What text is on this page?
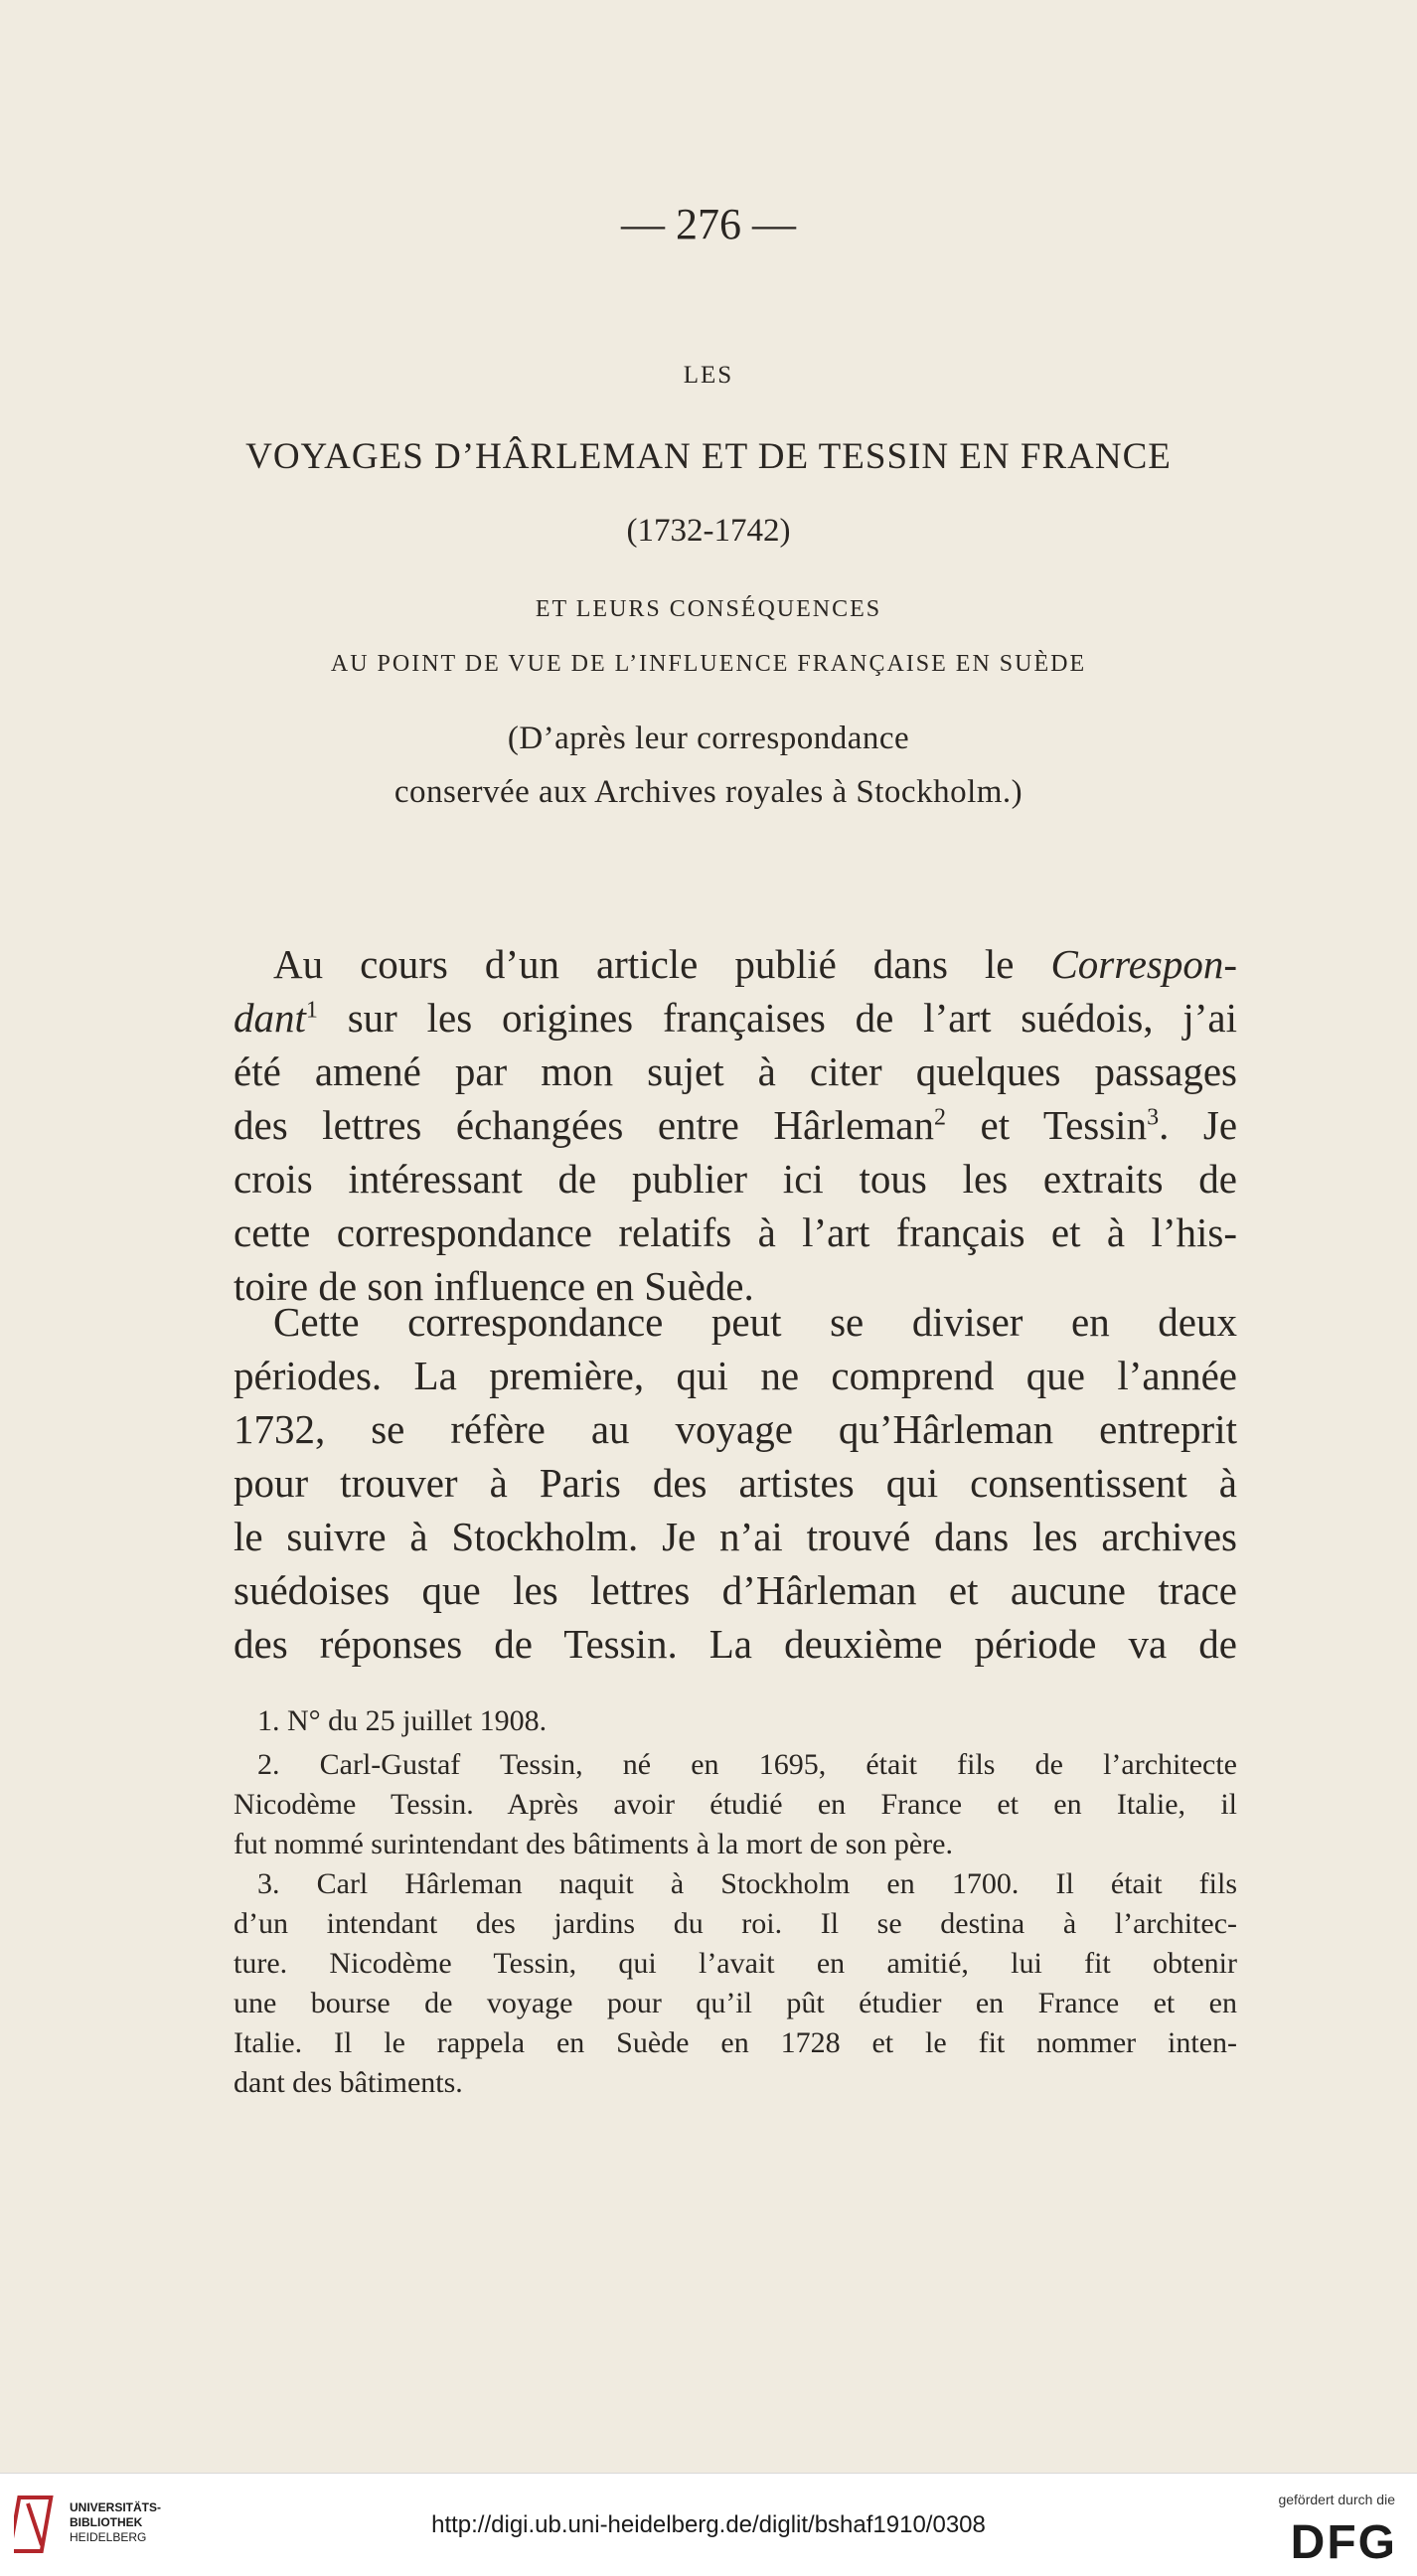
— 276 —
LES
VOYAGES D’HÂRLEMAN ET DE TESSIN EN FRANCE
(1732-1742)
ET LEURS CONSÉQUENCES
AU POINT DE VUE DE L’INFLUENCE FRANÇAISE EN SUÈDE
(D’après leur correspondance
conservée aux Archives royales à Stockholm.)
Au cours d’un article publié dans le Correspon-
dant$^1$ sur les origines françaises de l’art suédois, j’ai
été amené par mon sujet à citer quelques passages
des lettres échangées entre Hârleman$^2$ et Tessin$^3$. Je
crois intéressant de publier ici tous les extraits de
cette correspondance relatifs à l’art français et à l’his-
toire de son influence en Suède.
Cette correspondance peut se diviser en deux
périodes. La première, qui ne comprend que l’année
1732, se réfère au voyage qu’Hârleman entreprit
pour trouver à Paris des artistes qui consentissent à
le suivre à Stockholm. Je n’ai trouvé dans les archives
suédoises que les lettres d’Hârleman et aucune trace
des réponses de Tessin. La deuxième période va de
1. N° du 25 juillet 1908.
2. Carl-Gustaf Tessin, né en 1695, était fils de l’architecte
Nicodème Tessin. Après avoir étudié en France et en Italie, il
fut nommé surintendant des bâtiments à la mort de son père.
3. Carl Hârleman naquit à Stockholm en 1700. Il était fils
d’un intendant des jardins du roi. Il se destina à l’architec-
ture. Nicodème Tessin, qui l’avait en amitié, lui fit obtenir
une bourse de voyage pour qu’il pût étudier en France et en
Italie. Il le rappela en Suède en 1728 et le fit nommer inten-
dant des bâtiments.
UNIVERSITÄTS-
BIBLIOTHEK
HEIDELBERG	http://digi.ub.uni-heidelberg.de/diglit/bshaf1910/0308
gefördert durch die
DFG
